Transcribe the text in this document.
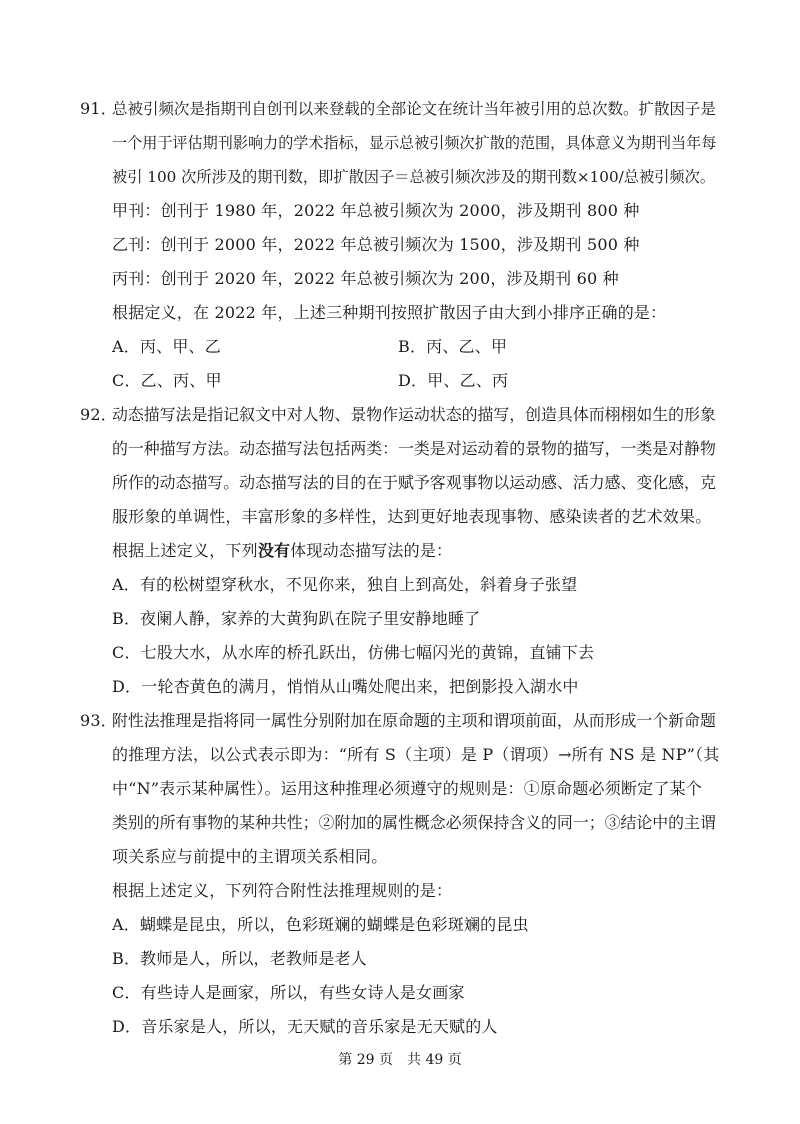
91．
总被引频次是指期刊自创刊以来登载的全部论文在统计当年被引用的总次数。扩散因子是
一个用于评估期刊影响力的学术指标，显示总被引频次扩散的范围，具体意义为期刊当年每
被引 100 次所涉及的期刊数，即扩散因子＝总被引频次涉及的期刊数×100/总被引频次。
甲刊：创刊于 1980 年，2022 年总被引频次为 2000，涉及期刊 800 种
乙刊：创刊于 2000 年，2022 年总被引频次为 1500，涉及期刊 500 种
丙刊：创刊于 2020 年，2022 年总被引频次为 200，涉及期刊 60 种
根据定义，在 2022 年，上述三种期刊按照扩散因子由大到小排序正确的是：
A．丙、甲、乙	B．丙、乙、甲
C．乙、丙、甲	D．甲、乙、丙
92．
动态描写法是指记叙文中对人物、景物作运动状态的描写，创造具体而栩栩如生的形象
的一种描写方法。动态描写法包括两类：一类是对运动着的景物的描写，一类是对静物
所作的动态描写。动态描写法的目的在于赋予客观事物以运动感、活力感、变化感，克
服形象的单调性，丰富形象的多样性，达到更好地表现事物、感染读者的艺术效果。
根据上述定义，下列没有体现动态描写法的是：
A．有的松树望穿秋水，不见你来，独自上到高处，斜着身子张望
B．夜阑人静，家养的大黄狗趴在院子里安静地睡了
C．七股大水，从水库的桥孔跃出，仿佛七幅闪光的黄锦，直铺下去
D．一轮杏黄色的满月，悄悄从山嘴处爬出来，把倒影投入湖水中
93．
附性法推理是指将同一属性分别附加在原命题的主项和谓项前面，从而形成一个新命题
的推理方法，以公式表示即为：“所有 S（主项）是 P（谓项）→所有 NS 是 NP”（其
中“N”表示某种属性）。运用这种推理必须遵守的规则是：①原命题必须断定了某个
类别的所有事物的某种共性；②附加的属性概念必须保持含义的同一；③结论中的主谓
项关系应与前提中的主谓项关系相同。
根据上述定义，下列符合附性法推理规则的是：
A．蝴蝶是昆虫，所以，色彩斑斓的蝴蝶是色彩斑斓的昆虫
B．教师是人，所以，老教师是老人
C．有些诗人是画家，所以，有些女诗人是女画家
D．音乐家是人，所以，无天赋的音乐家是无天赋的人
第 29 页　共 49 页
